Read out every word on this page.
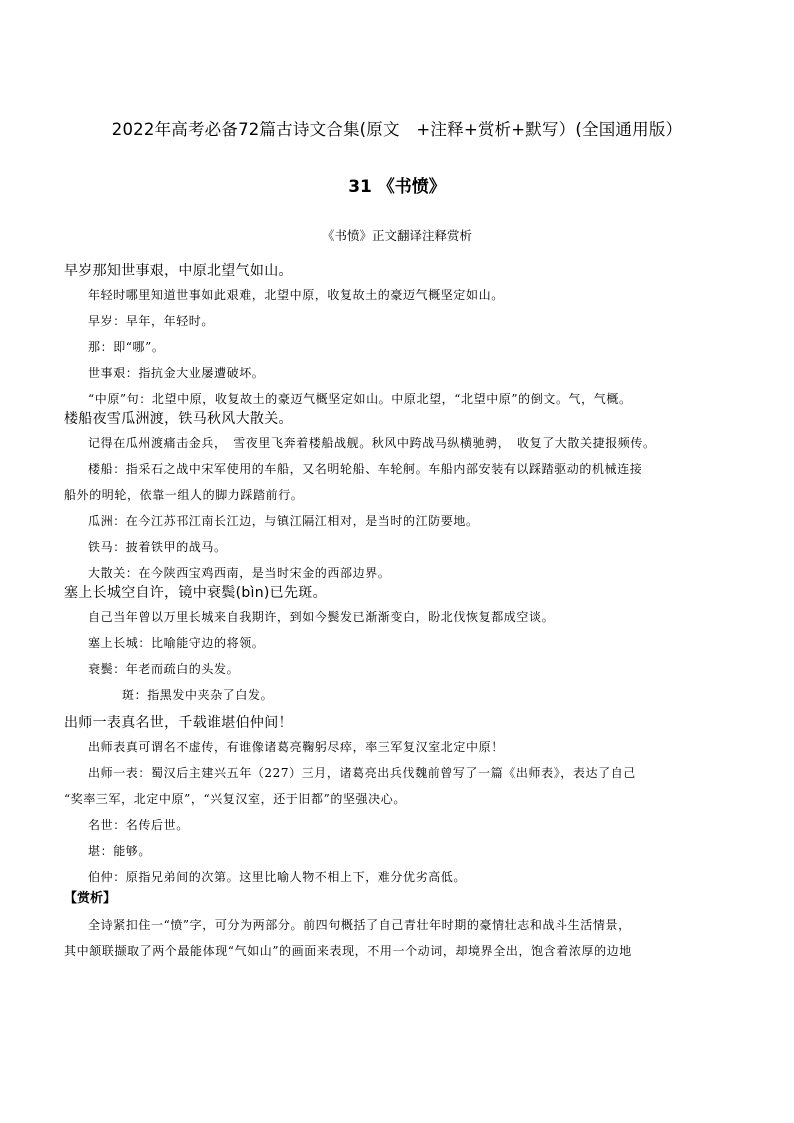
2022年高考必备72篇古诗文合集(原文　+注释+赏析+默写）(全国通用版）
31 《书愤》
《书愤》正文翻译注释赏析
早岁那知世事艰，中原北望气如山。
年轻时哪里知道世事如此艰难，北望中原，收复故土的豪迈气概坚定如山。
早岁：早年，年轻时。
那：即“哪”。
世事艰：指抗金大业屡遭破坏。
“中原”句：北望中原，收复故土的豪迈气概坚定如山。中原北望，“北望中原”的倒文。气，气概。
楼船夜雪瓜洲渡，铁马秋风大散关。
记得在瓜州渡痛击金兵，　雪夜里飞奔着楼船战舰。秋风中跨战马纵横驰骋，　收复了大散关捷报频传。
楼船：指采石之战中宋军使用的车船，又名明轮船、车轮舸。车船内部安装有以踩踏驱动的机械连接
船外的明轮，依靠一组人的脚力踩踏前行。
瓜洲：在今江苏邗江南长江边，与镇江隔江相对，是当时的江防要地。
铁马：披着铁甲的战马。
大散关：在今陕西宝鸡西南，是当时宋金的西部边界。
塞上长城空自许，镜中衰鬓(bìn)已先斑。
自己当年曾以万里长城来自我期许，到如今鬓发已渐渐变白，盼北伐恢复都成空谈。
塞上长城：比喻能守边的将领。
衰鬓：年老而疏白的头发。
斑：指黑发中夹杂了白发。
出师一表真名世，千载谁堪伯仲间！
出师表真可谓名不虚传，有谁像诸葛亮鞠躬尽瘁，率三军复汉室北定中原！
出师一表：蜀汉后主建兴五年（227）三月，诸葛亮出兵伐魏前曾写了一篇《出师表》，表达了自己
“奖率三军，北定中原”，“兴复汉室，还于旧都”的坚强决心。
名世：名传后世。
堪：能够。
伯仲：原指兄弟间的次第。这里比喻人物不相上下，难分优劣高低。
【赏析】
全诗紧扣住一“愤”字，可分为两部分。前四句概括了自己青壮年时期的豪情壮志和战斗生活情景，
其中颔联撷取了两个最能体现“气如山”的画面来表现，不用一个动词，却境界全出，饱含着浓厚的边地
